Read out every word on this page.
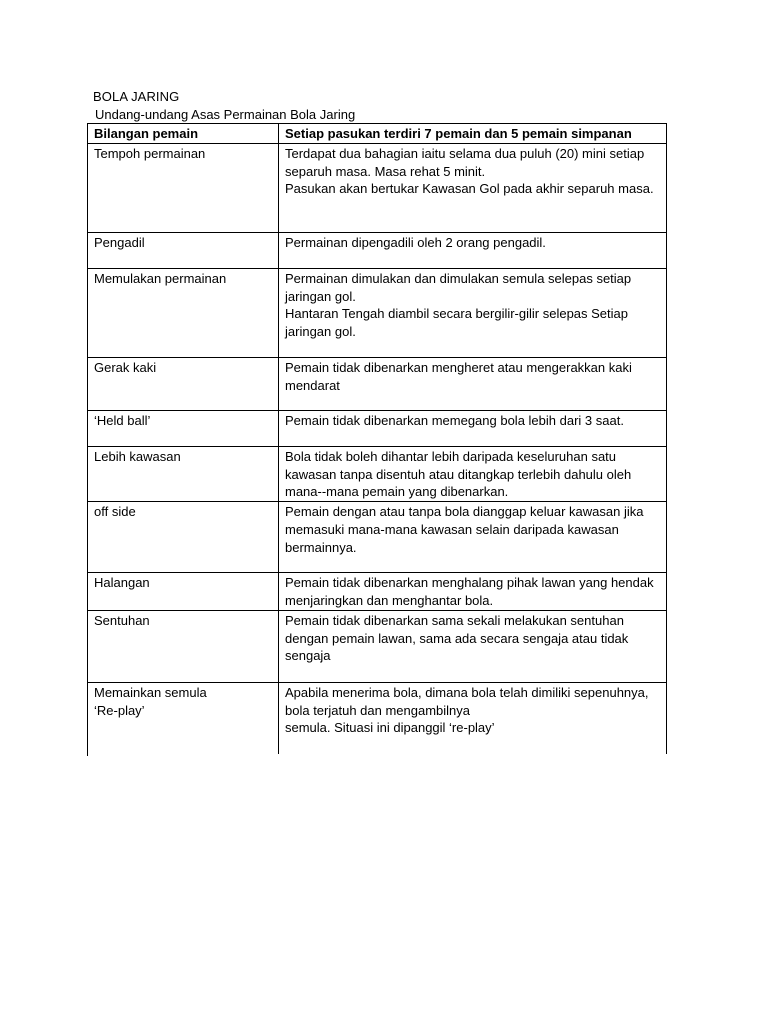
BOLA JARING
Undang-undang Asas Permainan Bola Jaring
Bilangan pemain	Setiap pasukan terdiri 7 pemain dan 5 pemain simpanan

Tempoh permainan	Terdapat dua bahagian iaitu selama dua puluh (20) mini setiap separuh masa. Masa rehat 5 minit.
Pasukan akan bertukar Kawasan Gol pada akhir separuh masa.

Pengadil	Permainan dipengadili oleh 2 orang pengadil.

Memulakan permainan	Permainan dimulakan dan dimulakan semula selepas setiap jaringan gol.
Hantaran Tengah diambil secara bergilir-gilir selepas Setiap jaringan gol.

Gerak kaki	Pemain tidak dibenarkan mengheret atau mengerakkan kaki mendarat

‘Held ball’	Pemain tidak dibenarkan memegang bola lebih dari 3 saat.

Lebih kawasan	Bola tidak boleh dihantar lebih daripada keseluruhan satu kawasan tanpa disentuh atau ditangkap terlebih dahulu oleh mana--mana pemain yang dibenarkan.

off side	Pemain dengan atau tanpa bola dianggap keluar kawasan jika memasuki mana-mana kawasan selain daripada kawasan bermainnya.

Halangan	Pemain tidak dibenarkan menghalang pihak lawan yang hendak menjaringkan dan menghantar bola.

Sentuhan	Pemain tidak dibenarkan sama sekali melakukan sentuhan dengan pemain lawan, sama ada secara sengaja atau tidak sengaja

Memainkan semula
‘Re-play’	Apabila menerima bola, dimana bola telah dimiliki sepenuhnya, bola terjatuh dan mengambilnya
semula. Situasi ini dipanggil ‘re-play’
